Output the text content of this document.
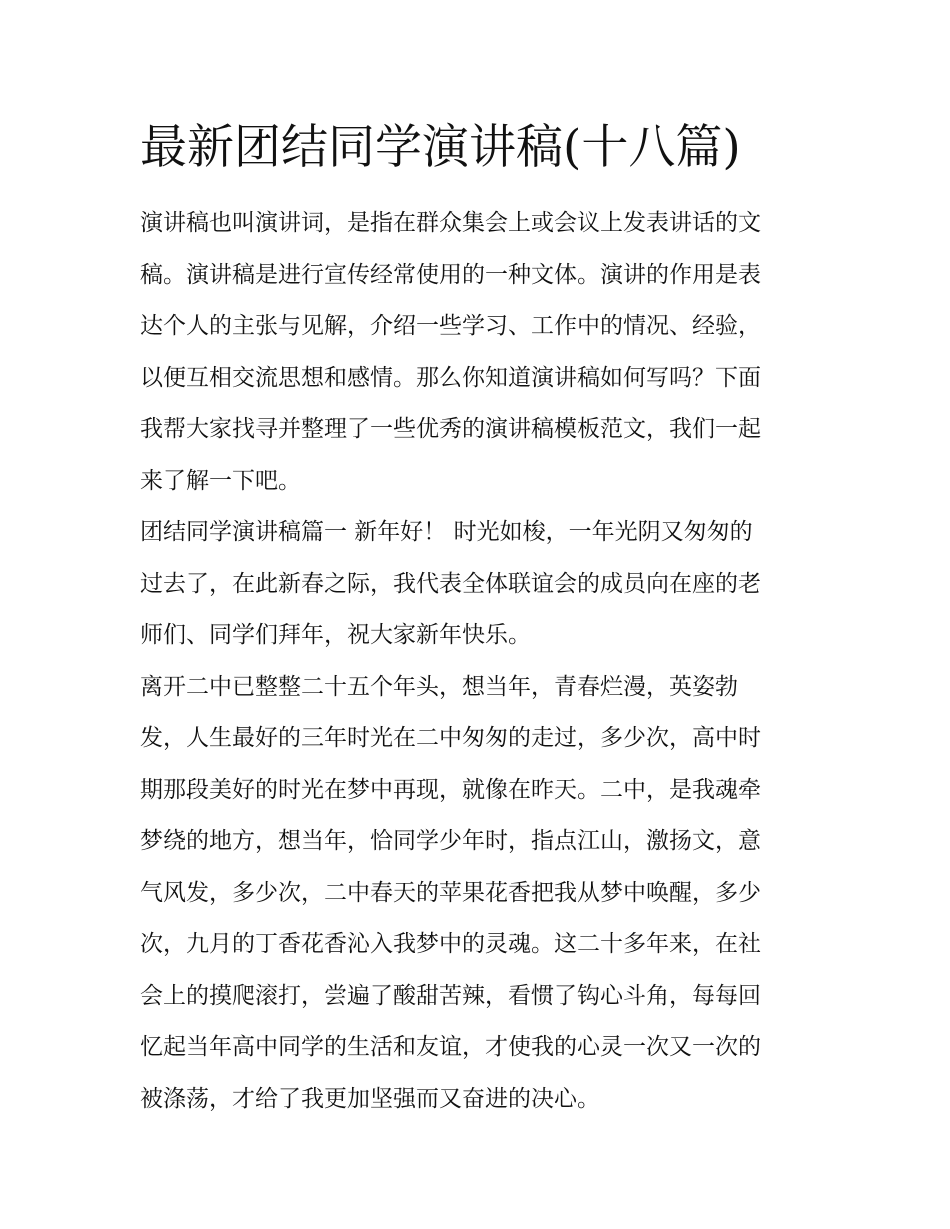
最新团结同学演讲稿(十八篇)

演讲稿也叫演讲词，是指在群众集会上或会议上发表讲话的文
稿。演讲稿是进行宣传经常使用的一种文体。演讲的作用是表
达个人的主张与见解，介绍一些学习、工作中的情况、经验，
以便互相交流思想和感情。那么你知道演讲稿如何写吗？下面
我帮大家找寻并整理了一些优秀的演讲稿模板范文，我们一起
来了解一下吧。

团结同学演讲稿篇一 新年好！ 时光如梭，一年光阴又匆匆的
过去了，在此新春之际，我代表全体联谊会的成员向在座的老
师们、同学们拜年，祝大家新年快乐。

离开二中已整整二十五个年头，想当年，青春烂漫，英姿勃
发，人生最好的三年时光在二中匆匆的走过，多少次，高中时
期那段美好的时光在梦中再现，就像在昨天。二中，是我魂牵
梦绕的地方，想当年，恰同学少年时，指点江山，激扬文，意
气风发，多少次，二中春天的苹果花香把我从梦中唤醒，多少
次，九月的丁香花香沁入我梦中的灵魂。这二十多年来，在社
会上的摸爬滚打，尝遍了酸甜苦辣，看惯了钩心斗角，每每回
忆起当年高中同学的生活和友谊，才使我的心灵一次又一次的
被涤荡，才给了我更加坚强而又奋进的决心。
